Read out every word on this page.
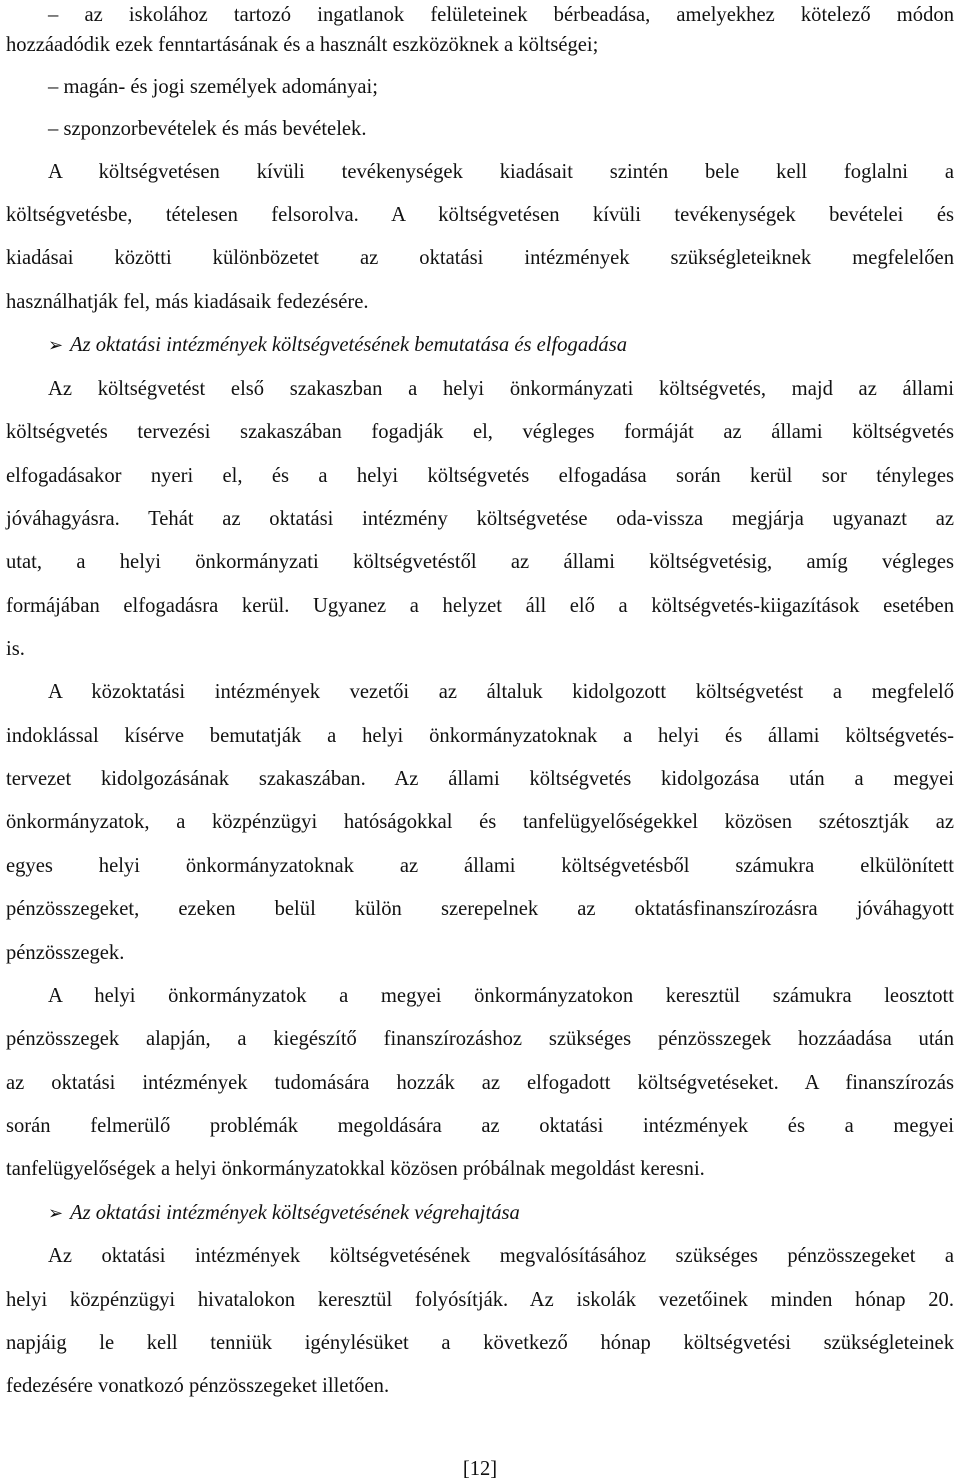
– az iskolához tartozó ingatlanok felületeinek bérbeadása, amelyekhez kötelező módon
hozzáadódik ezek fenntartásának és a használt eszközöknek a költségei;
– magán- és jogi személyek adományai;
– szponzorbevételek és más bevételek.
A költségvetésen kívüli tevékenységek kiadásait szintén bele kell foglalni a
költségvetésbe, tételesen felsorolva. A költségvetésen kívüli tevékenységek bevételei és
kiadásai közötti különbözetet az oktatási intézmények szükségleteiknek megfelelően
használhatják fel, más kiadásaik fedezésére.
➢ Az oktatási intézmények költségvetésének bemutatása és elfogadása
Az költségvetést első szakaszban a helyi önkormányzati költségvetés, majd az állami
költségvetés tervezési szakaszában fogadják el, végleges formáját az állami költségvetés
elfogadásakor nyeri el, és a helyi költségvetés elfogadása során kerül sor tényleges
jóváhagyásra. Tehát az oktatási intézmény költségvetése oda-vissza megjárja ugyanazt az
utat, a helyi önkormányzati költségvetéstől az állami költségvetésig, amíg végleges
formájában elfogadásra kerül. Ugyanez a helyzet áll elő a költségvetés-kiigazítások esetében
is.
A közoktatási intézmények vezetői az általuk kidolgozott költségvetést a megfelelő
indoklással kísérve bemutatják a helyi önkormányzatoknak a helyi és állami költségvetés-
tervezet kidolgozásának szakaszában. Az állami költségvetés kidolgozása után a megyei
önkormányzatok, a közpénzügyi hatóságokkal és tanfelügyelőségekkel közösen szétosztják az
egyes helyi önkormányzatoknak az állami költségvetésből számukra elkülönített
pénzösszegeket, ezeken belül külön szerepelnek az oktatásfinanszírozásra jóváhagyott
pénzösszegek.
A helyi önkormányzatok a megyei önkormányzatokon keresztül számukra leosztott
pénzösszegek alapján, a kiegészítő finanszírozáshoz szükséges pénzösszegek hozzáadása után
az oktatási intézmények tudomására hozzák az elfogadott költségvetéseket. A finanszírozás
során felmerülő problémák megoldására az oktatási intézmények és a megyei
tanfelügyelőségek a helyi önkormányzatokkal közösen próbálnak megoldást keresni.
➢ Az oktatási intézmények költségvetésének végrehajtása
Az oktatási intézmények költségvetésének megvalósításához szükséges pénzösszegeket a
helyi közpénzügyi hivatalokon keresztül folyósítják. Az iskolák vezetőinek minden hónap 20.
napjáig le kell tenniük igénylésüket a következő hónap költségvetési szükségleteinek
fedezésére vonatkozó pénzösszegeket illetően.
[12]
